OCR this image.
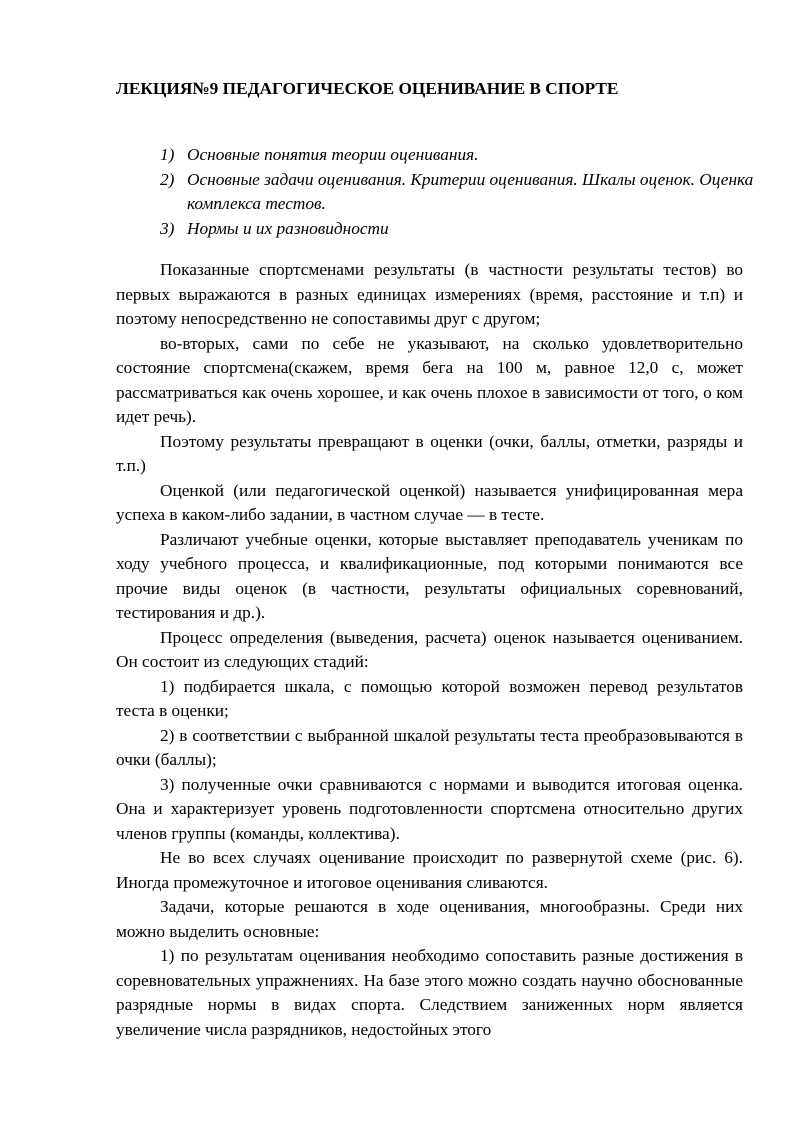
ЛЕКЦИЯ№9 ПЕДАГОГИЧЕСКОЕ ОЦЕНИВАНИЕ В СПОРТЕ
1) Основные понятия теории оценивания.
2) Основные задачи оценивания. Критерии оценивания. Шкалы оценок. Оценка комплекса тестов.
3) Нормы и их разновидности

Показанные спортсменами результаты (в частности результаты тестов) во первых выражаются в разных единицах измерениях (время, расстояние и т.п) и поэтому непосредственно не сопоставимы друг с другом;

во-вторых, сами по себе не указывают, на сколько удовлетворительно состояние спортсмена(скажем, время бега на 100 м, равное 12,0 с, может рассматриваться как очень хорошее, и как очень плохое в зависимости от того, о ком идет речь).

Поэтому результаты превращают в оценки (очки, баллы, отметки, разряды и т.п.)

Оценкой (или педагогической оценкой) называется унифицированная мера успеха в каком-либо задании, в частном случае — в тесте.

Различают учебные оценки, которые выставляет преподаватель ученикам по ходу учебного процесса, и квалификационные, под которыми понимаются все прочие виды оценок (в частности, результаты официальных соревнований, тестирования и др.).

Процесс определения (выведения, расчета) оценок называется оцениванием. Он состоит из следующих стадий:

1) подбирается шкала, с помощью которой возможен перевод результатов теста в оценки;

2) в соответствии с выбранной шкалой результаты теста преобразовываются в очки (баллы);

3) полученные очки сравниваются с нормами и выводится итоговая оценка. Она и характеризует уровень подготовленности спортсмена относительно других членов группы (команды, коллектива).

Не во всех случаях оценивание происходит по развернутой схеме (рис. 6). Иногда промежуточное и итоговое оценивания сливаются.

Задачи, которые решаются в ходе оценивания, многообразны. Среди них можно выделить основные:

1) по результатам оценивания необходимо сопоставить разные достижения в соревновательных упражнениях. На базе этого можно создать научно обоснованные разрядные нормы в видах спорта. Следствием заниженных норм является увеличение числа разрядников, недостойных этого
